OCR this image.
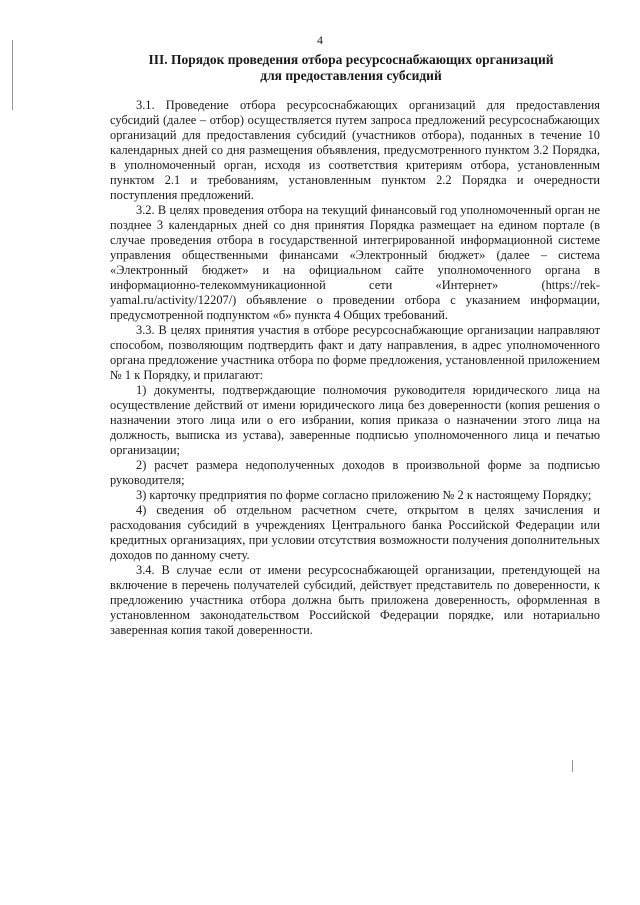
4
III. Порядок проведения отбора ресурсоснабжающих организаций
для предоставления субсидий

3.1. Проведение отбора ресурсоснабжающих организаций для предоставления субсидий (далее – отбор) осуществляется путем запроса предложений ресурсоснабжающих организаций для предоставления субсидий (участников отбора), поданных в течение 10 календарных дней со дня размещения объявления, предусмотренного пунктом 3.2 Порядка, в уполномоченный орган, исходя из соответствия критериям отбора, установленным пунктом 2.1 и требованиям, установленным пунктом 2.2 Порядка и очередности поступления предложений.

3.2. В целях проведения отбора на текущий финансовый год уполномоченный орган не позднее 3 календарных дней со дня принятия Порядка размещает на едином портале (в случае проведения отбора в государственной интегрированной информационной системе управления общественными финансами «Электронный бюджет» (далее – система «Электронный бюджет» и на официальном сайте уполномоченного органа в информационно-телекоммуникационной сети «Интернет» (https://rek-yamal.ru/activity/12207/) объявление о проведении отбора с указанием информации, предусмотренной подпунктом «б» пункта 4 Общих требований.

3.3. В целях принятия участия в отборе ресурсоснабжающие организации направляют способом, позволяющим подтвердить факт и дату направления, в адрес уполномоченного органа предложение участника отбора по форме предложения, установленной приложением № 1 к Порядку, и прилагают:

1) документы, подтверждающие полномочия руководителя юридического лица на осуществление действий от имени юридического лица без доверенности (копия решения о назначении этого лица или о его избрании, копия приказа о назначении этого лица на должность, выписка из устава), заверенные подписью уполномоченного лица и печатью организации;

2) расчет размера недополученных доходов в произвольной форме за подписью руководителя;

3) карточку предприятия по форме согласно приложению № 2 к настоящему Порядку;

4) сведения об отдельном расчетном счете, открытом в целях зачисления и расходования субсидий в учреждениях Центрального банка Российской Федерации или кредитных организациях, при условии отсутствия возможности получения дополнительных доходов по данному счету.

3.4. В случае если от имени ресурсоснабжающей организации, претендующей на включение в перечень получателей субсидий, действует представитель по доверенности, к предложению участника отбора должна быть приложена доверенность, оформленная в установленном законодательством Российской Федерации порядке, или нотариально заверенная копия такой доверенности.
